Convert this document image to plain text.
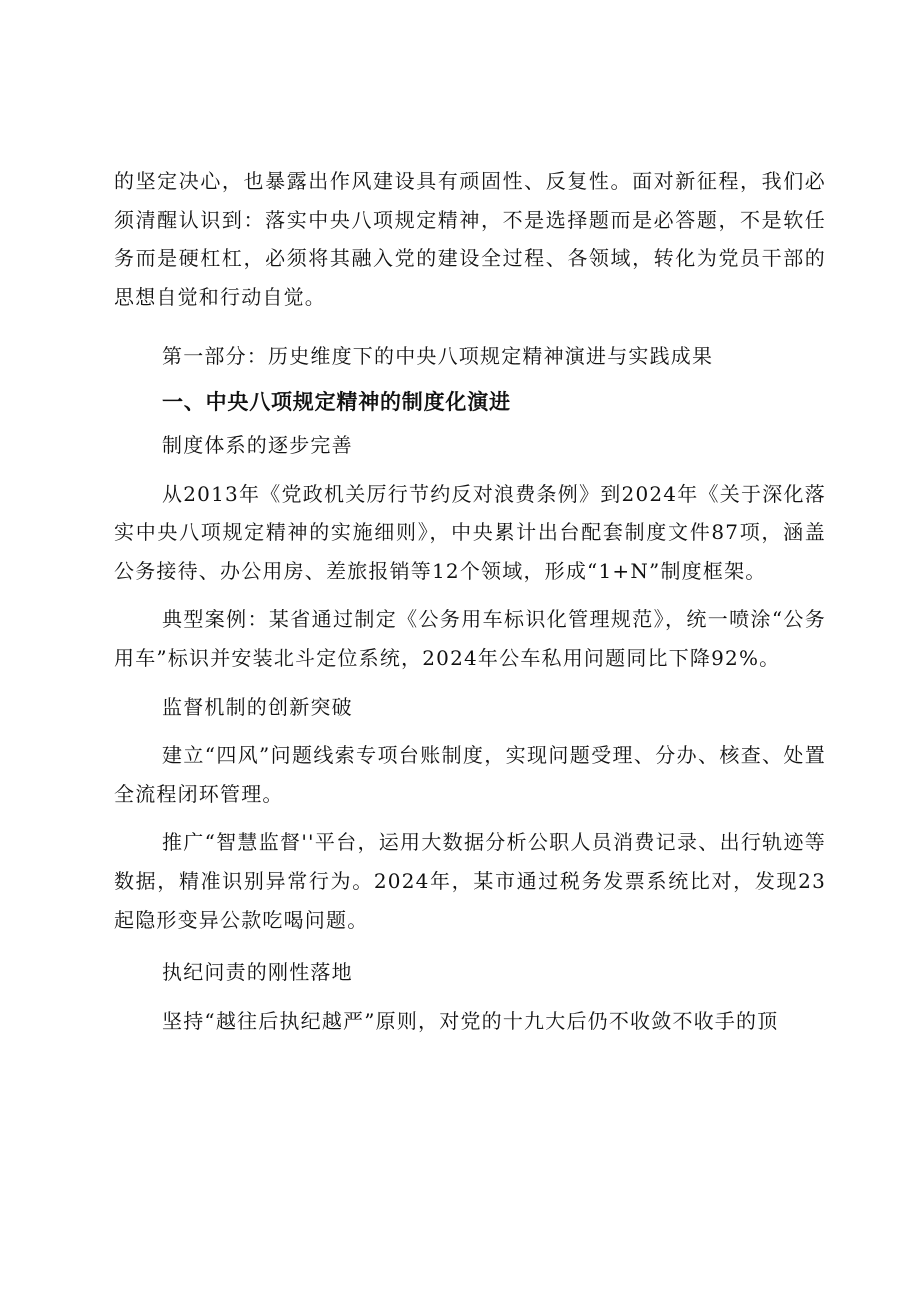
的坚定决心，也暴露出作风建设具有顽固性、反复性。面对新征程，我们必须清醒认识到：落实中央八项规定精神，不是选择题而是必答题，不是软任务而是硬杠杠，必须将其融入党的建设全过程、各领域，转化为党员干部的思想自觉和行动自觉。

第一部分：历史维度下的中央八项规定精神演进与实践成果

一、中央八项规定精神的制度化演进

制度体系的逐步完善

从2013年《党政机关厉行节约反对浪费条例》到2024年《关于深化落实中央八项规定精神的实施细则》，中央累计出台配套制度文件87项，涵盖公务接待、办公用房、差旅报销等12个领域，形成“1+N”制度框架。

典型案例：某省通过制定《公务用车标识化管理规范》，统一喷涂“公务用车”标识并安装北斗定位系统，2024年公车私用问题同比下降92%。

监督机制的创新突破

建立“四风”问题线索专项台账制度，实现问题受理、分办、核查、处置全流程闭环管理。

推广“智慧监督''平台，运用大数据分析公职人员消费记录、出行轨迹等数据，精准识别异常行为。2024年，某市通过税务发票系统比对，发现23起隐形变异公款吃喝问题。

执纪问责的刚性落地

坚持“越往后执纪越严”原则，对党的十九大后仍不收敛不收手的顶
